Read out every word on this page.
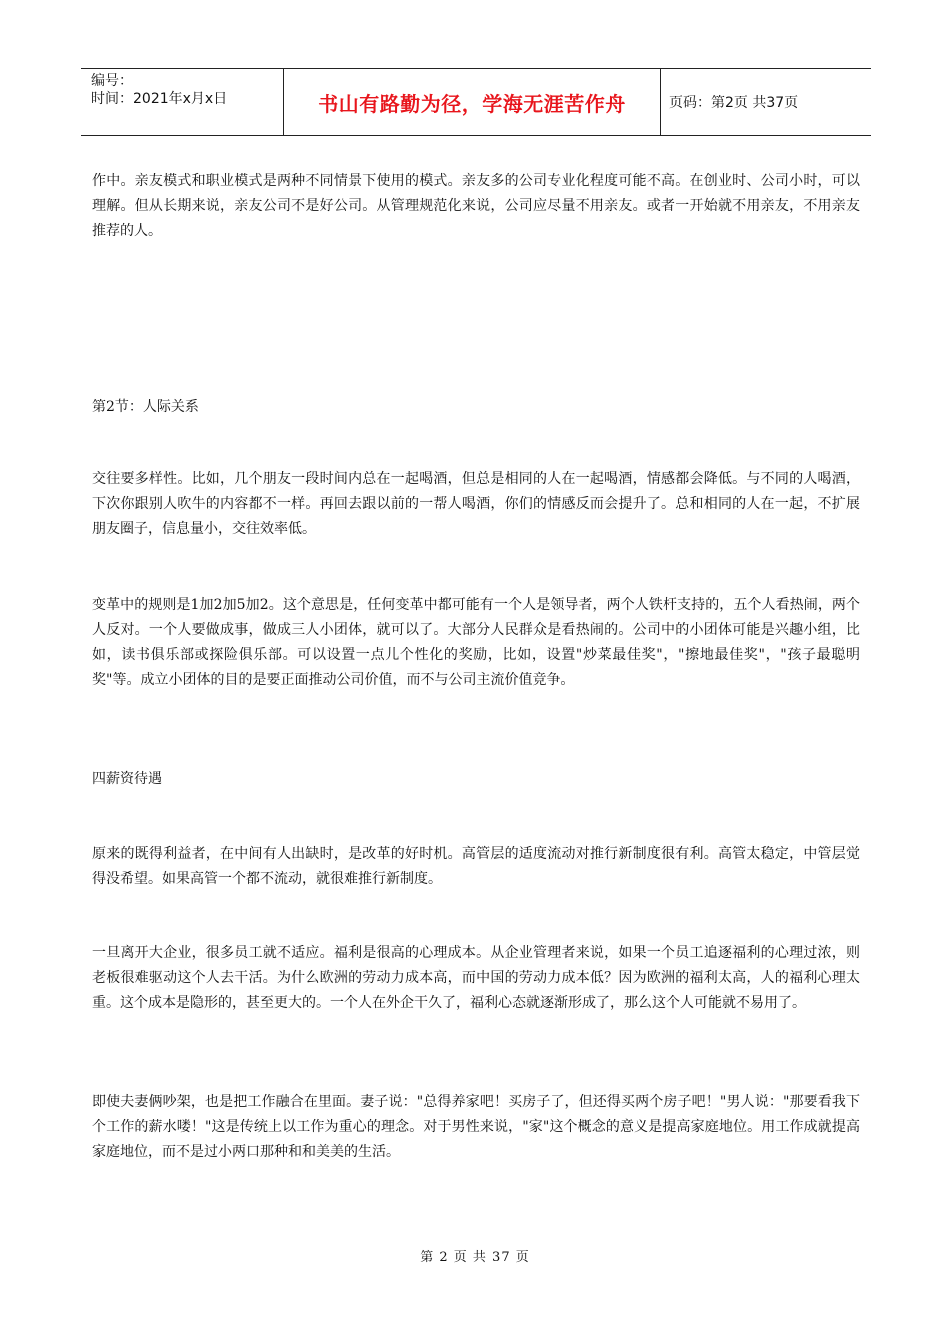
编号：
时间：2021年x月x日	书山有路勤为径，学海无涯苦作舟	页码：第2页 共37页

作中。亲友模式和职业模式是两种不同情景下使用的模式。亲友多的公司专业化程度可能不高。在创业时、公司小时，可以理解。但从长期来说，亲友公司不是好公司。从管理规范化来说，公司应尽量不用亲友。或者一开始就不用亲友，不用亲友推荐的人。

第2节：人际关系

交往要多样性。比如，几个朋友一段时间内总在一起喝酒，但总是相同的人在一起喝酒，情感都会降低。与不同的人喝酒，下次你跟别人吹牛的内容都不一样。再回去跟以前的一帮人喝酒，你们的情感反而会提升了。总和相同的人在一起，不扩展朋友圈子，信息量小，交往效率低。

变革中的规则是1加2加5加2。这个意思是，任何变革中都可能有一个人是领导者，两个人铁杆支持的，五个人看热闹，两个人反对。一个人要做成事，做成三人小团体，就可以了。大部分人民群众是看热闹的。公司中的小团体可能是兴趣小组，比如，读书俱乐部或探险俱乐部。可以设置一点儿个性化的奖励，比如，设置"炒菜最佳奖"，"擦地最佳奖"，"孩子最聪明奖"等。成立小团体的目的是要正面推动公司价值，而不与公司主流价值竞争。

四薪资待遇

原来的既得利益者，在中间有人出缺时，是改革的好时机。高管层的适度流动对推行新制度很有利。高管太稳定，中管层觉得没希望。如果高管一个都不流动，就很难推行新制度。

一旦离开大企业，很多员工就不适应。福利是很高的心理成本。从企业管理者来说，如果一个员工追逐福利的心理过浓，则老板很难驱动这个人去干活。为什么欧洲的劳动力成本高，而中国的劳动力成本低？因为欧洲的福利太高，人的福利心理太重。这个成本是隐形的，甚至更大的。一个人在外企干久了，福利心态就逐渐形成了，那么这个人可能就不易用了。

即使夫妻俩吵架，也是把工作融合在里面。妻子说："总得养家吧！买房子了，但还得买两个房子吧！"男人说："那要看我下个工作的薪水喽！"这是传统上以工作为重心的理念。对于男性来说，"家"这个概念的意义是提高家庭地位。用工作成就提高家庭地位，而不是过小两口那种和和美美的生活。

第 2 页 共 37 页
